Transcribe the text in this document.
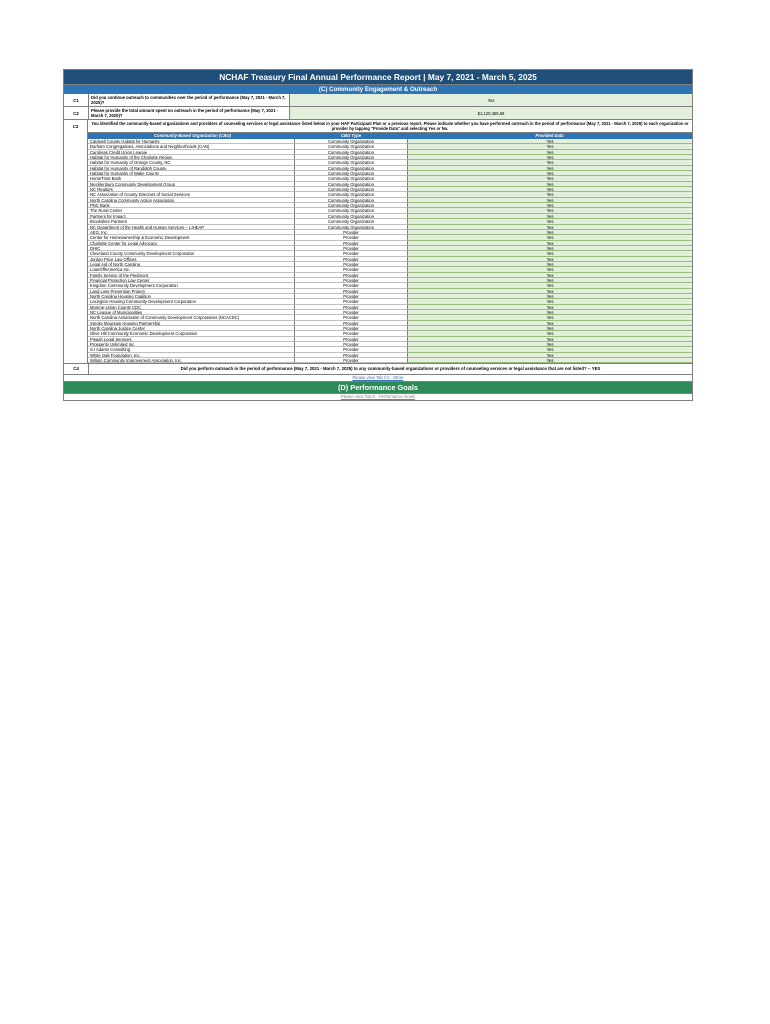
NCHAF Treasury Final Annual Performance Report | May 7, 2021 - March 5, 2025
(C) Community Engagement & Outreach
C1	Did you continue outreach to communities over the period of performance (May 7, 2021 - March 7, 2025)?	Yes
C2	Please provide the total amount spent on outreach in the period of performance (May 7, 2021 - March 7, 2025)?	$1,120,355.59
C3
You identified the community-based organizations and providers of counseling services or legal assistance listed below in your HAF Participant Plan or a previous report. Please indicate whether you have performed outreach in the period of performance (May 7, 2021 - March 7, 2025) to each organization or provider by tapping "Provide Data" and selecting Yes or No.
Community-Based Organization (CBO)	CBO Type	Provided Data
Caldwell County Habitat for Humanity	Community Organization	Yes
Durham Congregations, Associations and Neighborhoods (CAN)	Community Organization	Yes
Carolinas Credit Union League	Community Organization	Yes
Habitat for Humanity of the Charlotte Region	Community Organization	Yes
Habitat for Humanity of Orange County, NC	Community Organization	Yes
Habitat for Humanity of Randolph County	Community Organization	Yes
Habitat for Humanity of Wake County	Community Organization	Yes
HomeTrust Bank	Community Organization	Yes
Mecklenburg Community Development Group	Community Organization	Yes
NC Realtors	Community Organization	Yes
NC Association of County Directors of Social Services	Community Organization	Yes
North Carolina Community Action Association	Community Organization	Yes
PNC Bank	Community Organization	Yes
The Rural Center	Community Organization	Yes
Partners for Impact	Community Organization	Yes
Brookshire Partners	Community Organization	Yes
NC Department of the Health and Human Services -- LIHEAP	Community Organization	Yes
AEG, Inc.	Provider	Yes
Center for Homeownership & Economic Development	Provider	Yes
Charlotte Center for Legal Advocacy	Provider	Yes
DHIC	Provider	Yes
Cleveland County Community Development Corporation	Provider	Yes
Jordan Price Law Offices	Provider	Yes
Legal Aid of North Carolina	Provider	Yes
LoanOffsAmerica Inc.	Provider	Yes
Family Service of the Piedmont	Provider	Yes
Financial Protection Law Center	Provider	Yes
Kingdom Community Development Corporation	Provider	Yes
Land Loss Prevention Project	Provider	Yes
North Carolina Housing Coalition	Provider	Yes
Lexington Housing Community Development Corporation	Provider	Yes
Monroe-Union County CDC	Provider	Yes
NC League of Municipalities	Provider	Yes
North Carolina Association of Community Development Corporations (NCACDC)	Provider	Yes
Smoky Mountain Housing Partnership	Provider	Yes
North Carolina Justice Center	Provider	Yes
Olive Hill Community Economic Development Corporation	Provider	Yes
Pisgah Legal Services	Provider	Yes
Prosperity Unlimited Inc	Provider	Yes
S.I Adams Consulting	Provider	Yes
White Oak Foundation, Inc.	Provider	Yes
Wilson Community Improvement Association, Inc.	Provider	Yes
C4	Did you perform outreach in the period of performance (May 7, 2021 - March 7, 2025) to any community-based organizations or providers of counseling services or legal assistance that are not listed? -- YES
Please view Tab C4 - Other
(D) Performance Goals
Please view Tab D - Performance Goals
